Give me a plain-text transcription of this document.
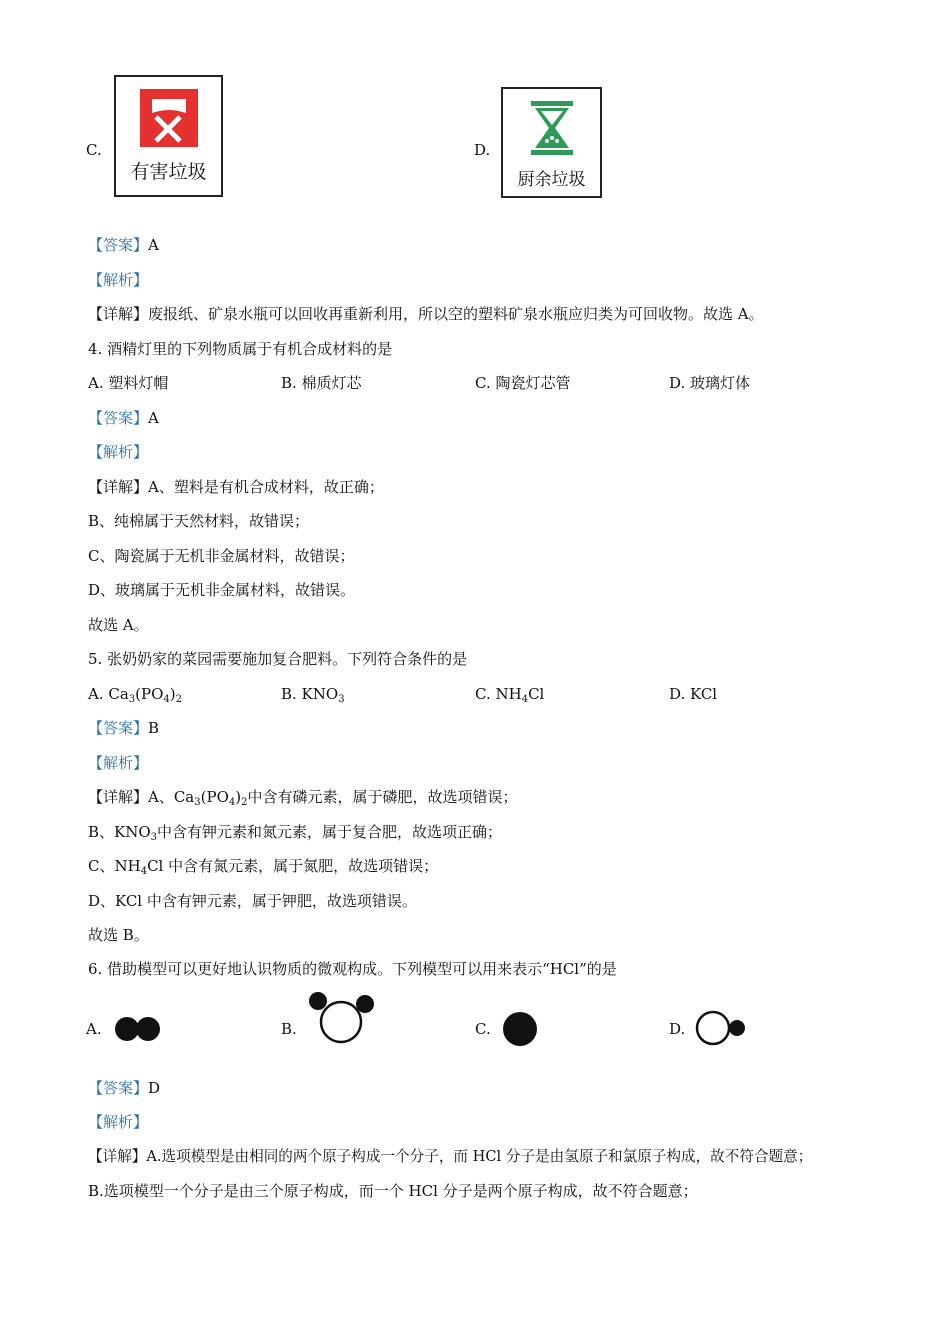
C.
有害垃圾
D.
厨余垃圾
【答案】A
【解析】
【详解】废报纸、矿泉水瓶可以回收再重新利用，所以空的塑料矿泉水瓶应归类为可回收物。故选 A。
4. 酒精灯里的下列物质属于有机合成材料的是
A. 塑料灯帽	B. 棉质灯芯	C. 陶瓷灯芯管	D. 玻璃灯体
【答案】A
【解析】
【详解】A、塑料是有机合成材料，故正确；
B、纯棉属于天然材料，故错误；
C、陶瓷属于无机非金属材料，故错误；
D、玻璃属于无机非金属材料，故错误。
故选 A。
5. 张奶奶家的菜园需要施加复合肥料。下列符合条件的是
A. $Ca_3(PO_4)_2$	B. $KNO_3$	C. $NH_4Cl$	D. KCl
【答案】B
【解析】
【详解】A、$Ca_3(PO_4)_2$中含有磷元素，属于磷肥，故选项错误；
B、$KNO_3$中含有钾元素和氮元素，属于复合肥，故选项正确；
C、$NH_4Cl$ 中含有氮元素，属于氮肥，故选项错误；
D、KCl 中含有钾元素，属于钾肥，故选项错误。
故选 B。
6. 借助模型可以更好地认识物质的微观构成。下列模型可以用来表示“HCl”的是
A.	B.	C.	D.
【答案】D
【解析】
【详解】A.选项模型是由相同的两个原子构成一个分子，而 HCl 分子是由氢原子和氯原子构成，故不符合题意；
B.选项模型一个分子是由三个原子构成，而一个 HCl 分子是两个原子构成，故不符合题意；
